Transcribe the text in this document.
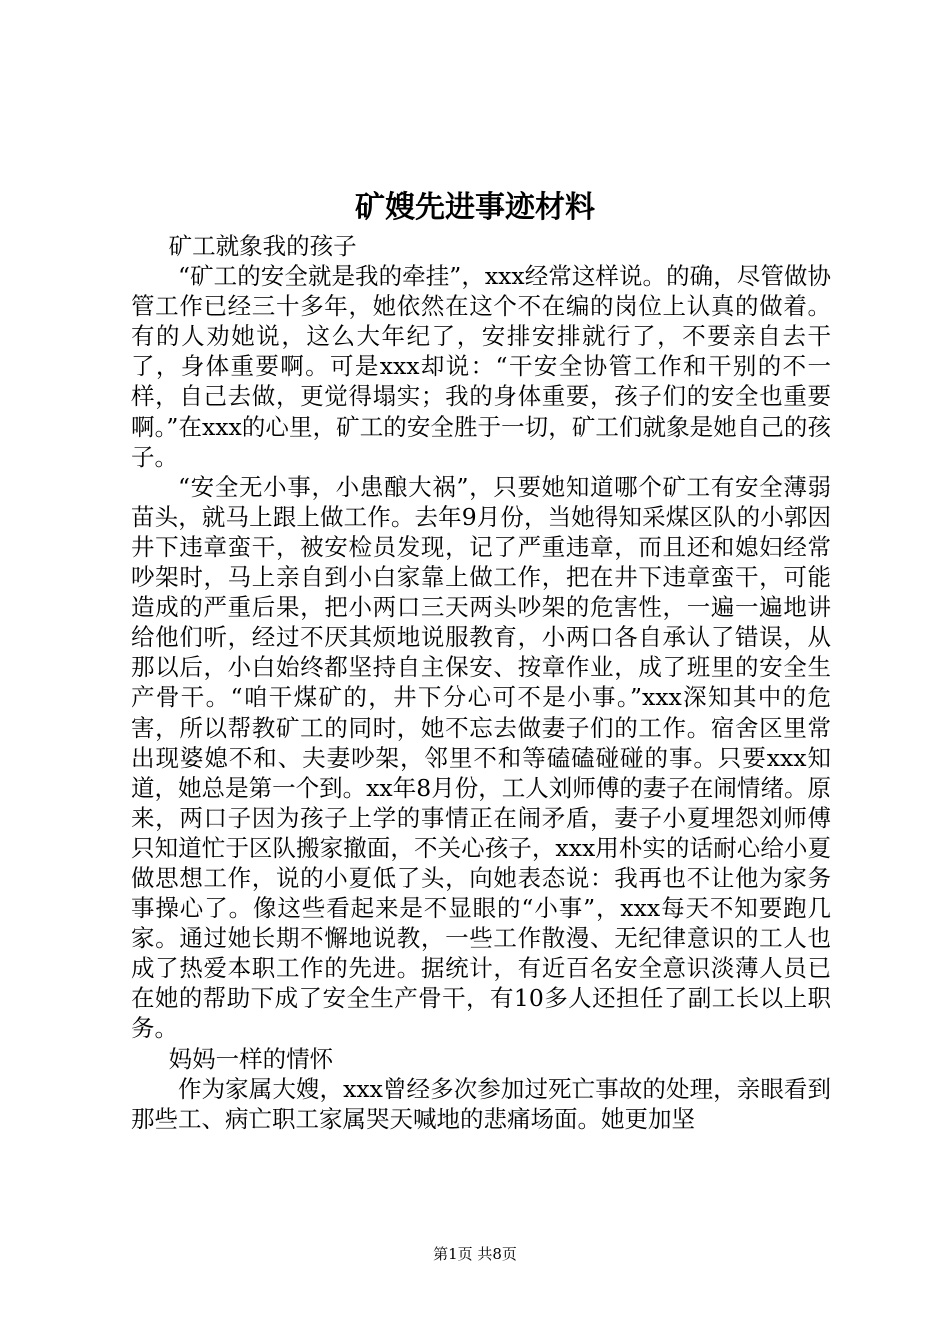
矿嫂先进事迹材料

矿工就象我的孩子

“矿工的安全就是我的牵挂”，xxx经常这样说。的确，尽管做协管工作已经三十多年，她依然在这个不在编的岗位上认真的做着。有的人劝她说，这么大年纪了，安排安排就行了，不要亲自去干了，身体重要啊。可是xxx却说：“干安全协管工作和干别的不一样，自己去做，更觉得塌实；我的身体重要，孩子们的安全也重要啊。”在xxx的心里，矿工的安全胜于一切，矿工们就象是她自己的孩子。

“安全无小事，小患酿大祸”，只要她知道哪个矿工有安全薄弱苗头，就马上跟上做工作。去年9月份，当她得知采煤区队的小郭因井下违章蛮干，被安检员发现，记了严重违章，而且还和媳妇经常吵架时，马上亲自到小白家靠上做工作，把在井下违章蛮干，可能造成的严重后果，把小两口三天两头吵架的危害性，一遍一遍地讲给他们听，经过不厌其烦地说服教育，小两口各自承认了错误，从那以后，小白始终都坚持自主保安、按章作业，成了班里的安全生产骨干。“咱干煤矿的，井下分心可不是小事。”xxx深知其中的危害，所以帮教矿工的同时，她不忘去做妻子们的工作。宿舍区里常出现婆媳不和、夫妻吵架，邻里不和等磕磕碰碰的事。只要xxx知道，她总是第一个到。xx年8月份，工人刘师傅的妻子在闹情绪。原来，两口子因为孩子上学的事情正在闹矛盾，妻子小夏埋怨刘师傅只知道忙于区队搬家撤面，不关心孩子，xxx用朴实的话耐心给小夏做思想工作，说的小夏低了头，向她表态说：我再也不让他为家务事操心了。像这些看起来是不显眼的“小事”，xxx每天不知要跑几家。通过她长期不懈地说教，一些工作散漫、无纪律意识的工人也成了热爱本职工作的先进。据统计，有近百名安全意识淡薄人员已在她的帮助下成了安全生产骨干，有10多人还担任了副工长以上职务。

妈妈一样的情怀

作为家属大嫂，xxx曾经多次参加过死亡事故的处理，亲眼看到那些工、病亡职工家属哭天喊地的悲痛场面。她更加坚

第1页 共8页
